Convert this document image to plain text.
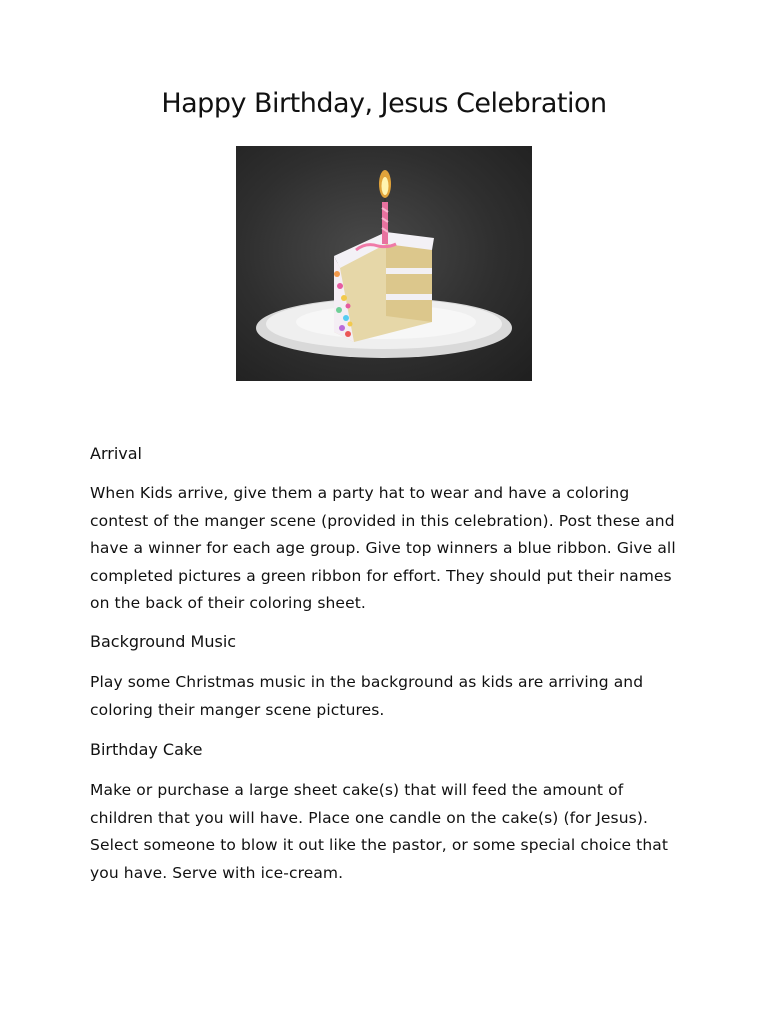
Happy Birthday, Jesus Celebration
Arrival

When Kids arrive, give them a party hat to wear and have a coloring contest of the manger scene (provided in this celebration). Post these and have a winner for each age group. Give top winners a blue ribbon. Give all completed pictures a green ribbon for effort. They should put their names on the back of their coloring sheet.

Background Music

Play some Christmas music in the background as kids are arriving and coloring their manger scene pictures.

Birthday Cake

Make or purchase a large sheet cake(s) that will feed the amount of children that you will have. Place one candle on the cake(s) (for Jesus). Select someone to blow it out like the pastor, or some special choice that you have. Serve with ice-cream.
